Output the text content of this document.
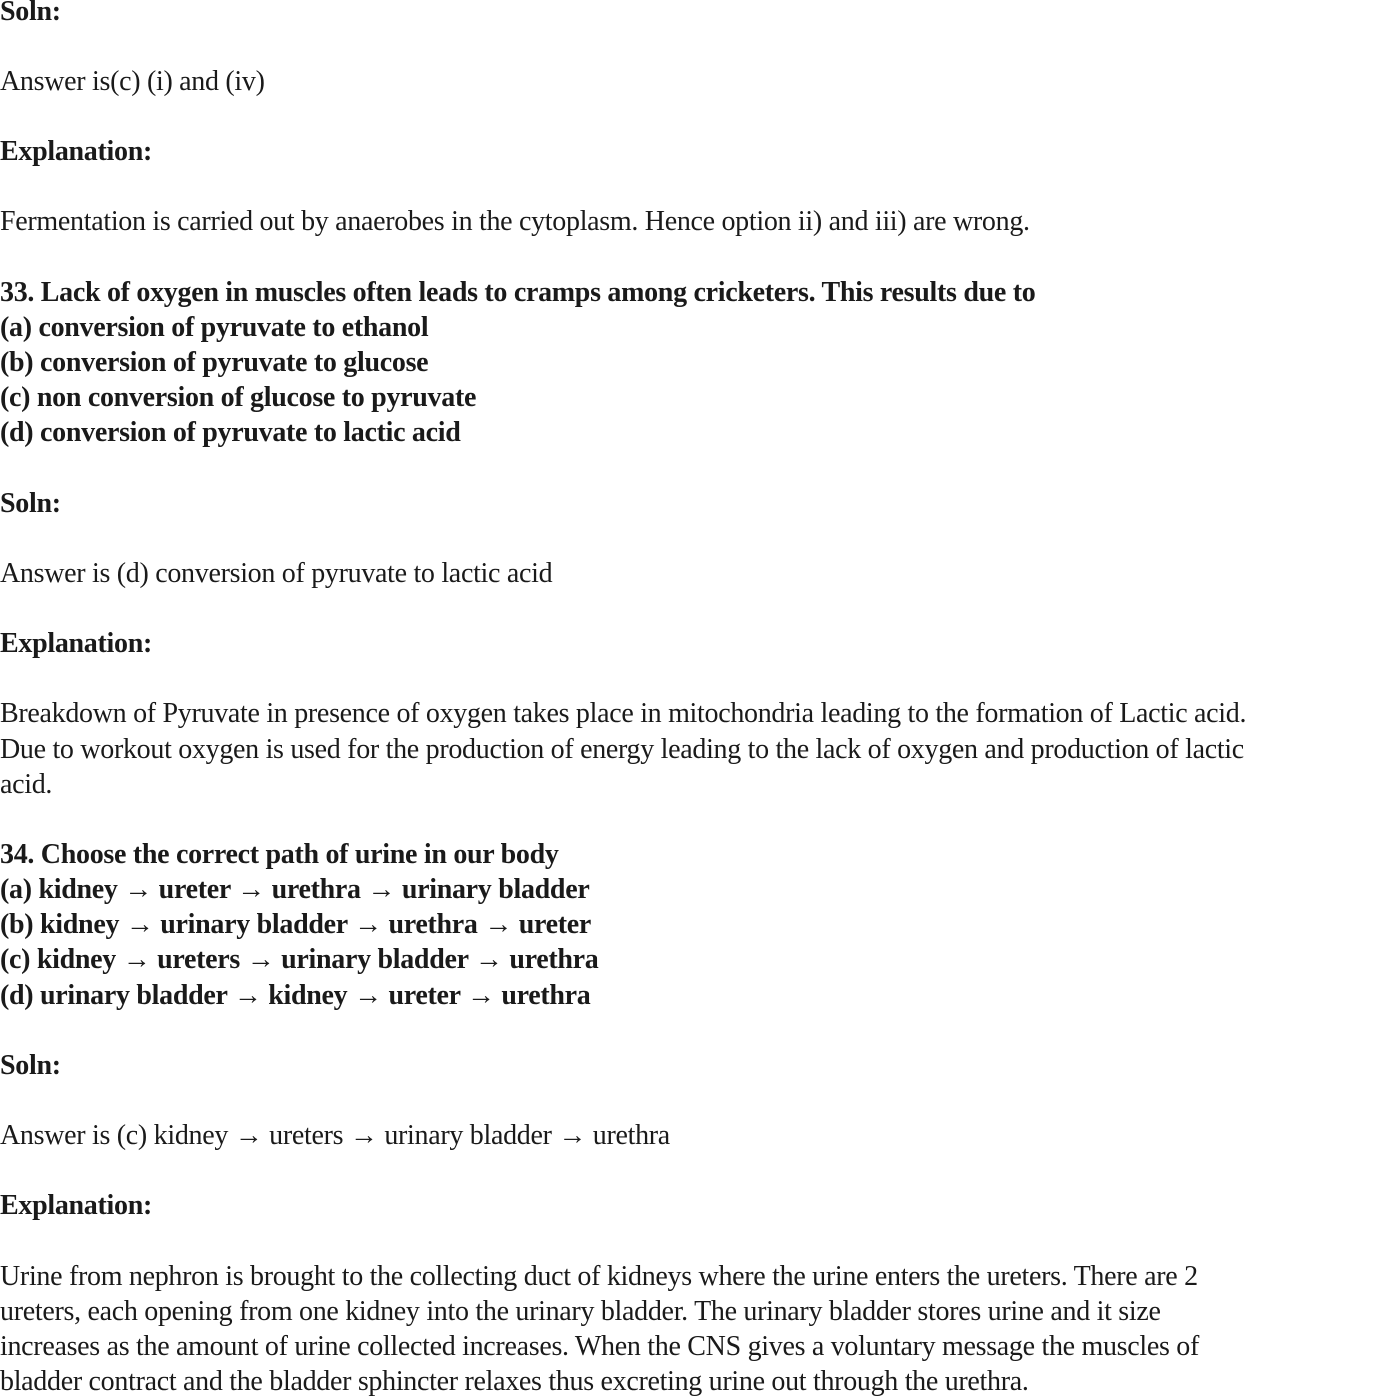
Soln:
Answer is(c) (i) and (iv)
Explanation:
Fermentation is carried out by anaerobes in the cytoplasm. Hence option ii) and iii) are wrong.
33. Lack of oxygen in muscles often leads to cramps among cricketers. This results due to
(a) conversion of pyruvate to ethanol
(b) conversion of pyruvate to glucose
(c) non conversion of glucose to pyruvate
(d) conversion of pyruvate to lactic acid
Soln:
Answer is (d) conversion of pyruvate to lactic acid
Explanation:
Breakdown of Pyruvate in presence of oxygen takes place in mitochondria leading to the formation of Lactic acid.
Due to workout oxygen is used for the production of energy leading to the lack of oxygen and production of lactic
acid.
34. Choose the correct path of urine in our body
(a) kidney → ureter → urethra → urinary bladder
(b) kidney → urinary bladder → urethra → ureter
(c) kidney → ureters → urinary bladder → urethra
(d) urinary bladder → kidney → ureter → urethra
Soln:
Answer is (c) kidney → ureters → urinary bladder → urethra
Explanation:
Urine from nephron is brought to the collecting duct of kidneys where the urine enters the ureters. There are 2
ureters, each opening from one kidney into the urinary bladder. The urinary bladder stores urine and it size
increases as the amount of urine collected increases. When the CNS gives a voluntary message the muscles of
bladder contract and the bladder sphincter relaxes thus excreting urine out through the urethra.
